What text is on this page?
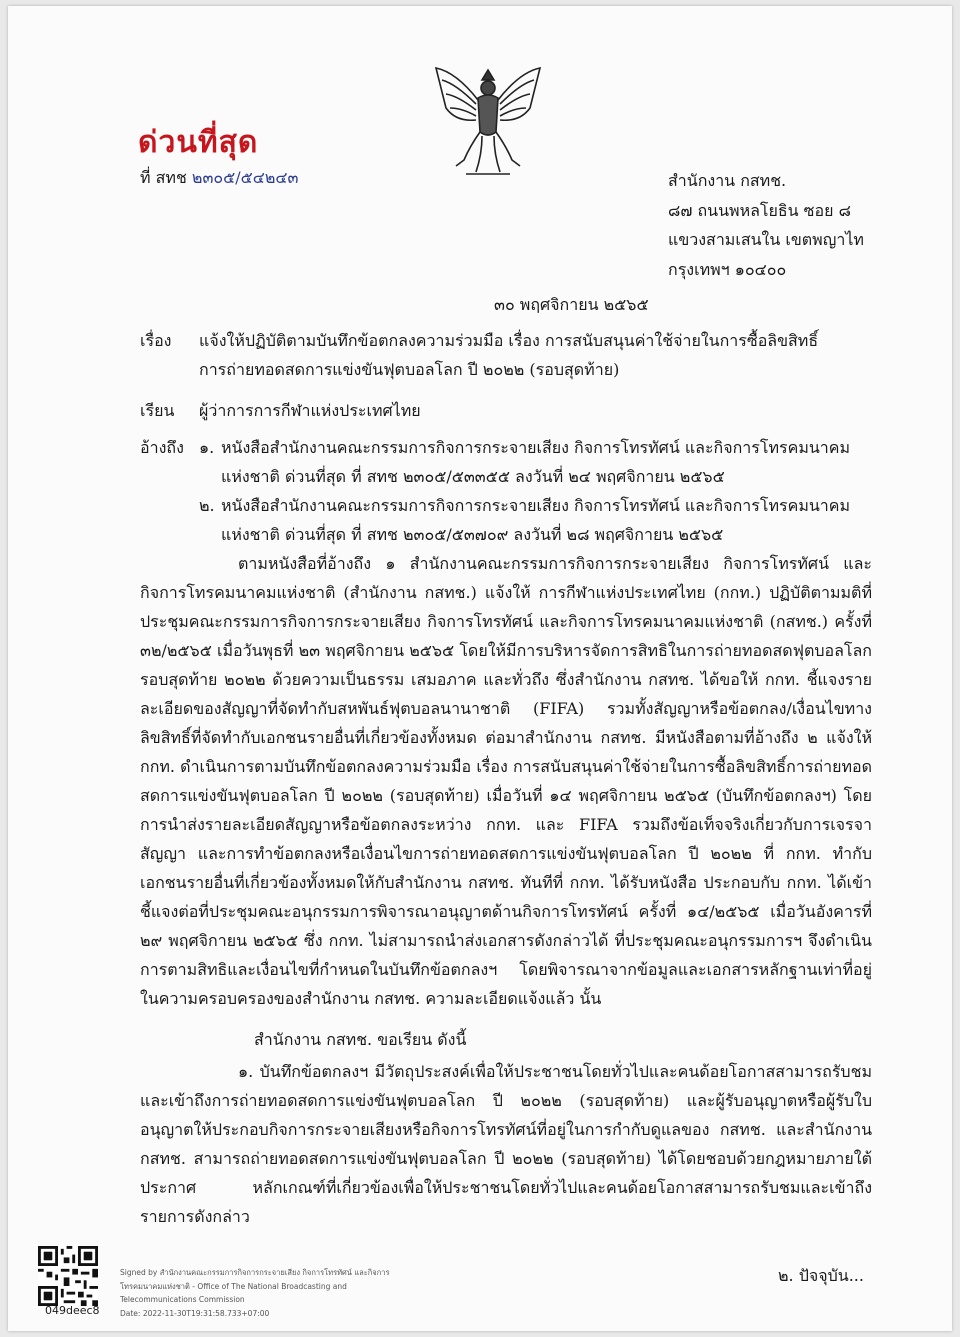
ด่วนที่สุด
ที่ สทช ๒๓๐๕/๕๔๒๔๓	สำนักงาน กสทช.
๘๗ ถนนพหลโยธิน ซอย ๘
แขวงสามเสนใน เขตพญาไท
กรุงเทพฯ ๑๐๔๐๐
๓๐ พฤศจิกายน ๒๕๖๕
เรื่อง	แจ้งให้ปฏิบัติตามบันทึกข้อตกลงความร่วมมือ เรื่อง การสนับสนุนค่าใช้จ่ายในการซื้อลิขสิทธิ์
การถ่ายทอดสดการแข่งขันฟุตบอลโลก ปี ๒๐๒๒ (รอบสุดท้าย)
เรียน	ผู้ว่าการการกีฬาแห่งประเทศไทย
อ้างถึง ๑. หนังสือสำนักงานคณะกรรมการกิจการกระจายเสียง กิจการโทรทัศน์ และกิจการโทรคมนาคม
แห่งชาติ ด่วนที่สุด ที่ สทช ๒๓๐๕/๕๓๓๕๕ ลงวันที่ ๒๔ พฤศจิกายน ๒๕๖๕
๒. หนังสือสำนักงานคณะกรรมการกิจการกระจายเสียง กิจการโทรทัศน์ และกิจการโทรคมนาคม
แห่งชาติ ด่วนที่สุด ที่ สทช ๒๓๐๕/๕๓๗๐๙ ลงวันที่ ๒๘ พฤศจิกายน ๒๕๖๕
ตามหนังสือที่อ้างถึง ๑ สำนักงานคณะกรรมการกิจการกระจายเสียง กิจการโทรทัศน์ และกิจการโทรคมนาคมแห่งชาติ (สำนักงาน กสทช.) แจ้งให้ การกีฬาแห่งประเทศไทย (กกท.) ปฏิบัติตามมติที่ประชุมคณะกรรมการกิจการกระจายเสียง กิจการโทรทัศน์ และกิจการโทรคมนาคมแห่งชาติ (กสทช.) ครั้งที่ ๓๒/๒๕๖๕ เมื่อวันพุธที่ ๒๓ พฤศจิกายน ๒๕๖๕ โดยให้มีการบริหารจัดการสิทธิในการถ่ายทอดสดฟุตบอลโลกรอบสุดท้าย ๒๐๒๒ ด้วยความเป็นธรรม เสมอภาค และทั่วถึง ซึ่งสำนักงาน กสทช. ได้ขอให้ กกท. ชี้แจงรายละเอียดของสัญญาที่จัดทำกับสหพันธ์ฟุตบอลนานาชาติ (FIFA) รวมทั้งสัญญาหรือข้อตกลง/เงื่อนไขทางลิขสิทธิ์ที่จัดทำกับเอกชนรายอื่นที่เกี่ยวข้องทั้งหมด ต่อมาสำนักงาน กสทช. มีหนังสือตามที่อ้างถึง ๒ แจ้งให้ กกท. ดำเนินการตามบันทึกข้อตกลงความร่วมมือ เรื่อง การสนับสนุนค่าใช้จ่ายในการซื้อลิขสิทธิ์การถ่ายทอดสดการแข่งขันฟุตบอลโลก ปี ๒๐๒๒ (รอบสุดท้าย) เมื่อวันที่ ๑๔ พฤศจิกายน ๒๕๖๕ (บันทึกข้อตกลงฯ) โดยการนำส่งรายละเอียดสัญญาหรือข้อตกลงระหว่าง กกท. และ FIFA รวมถึงข้อเท็จจริงเกี่ยวกับการเจรจาสัญญา และการทำข้อตกลงหรือเงื่อนไขการถ่ายทอดสดการแข่งขันฟุตบอลโลก ปี ๒๐๒๒ ที่ กกท. ทำกับเอกชนรายอื่นที่เกี่ยวข้องทั้งหมดให้กับสำนักงาน กสทช. ทันทีที่ กกท. ได้รับหนังสือ ประกอบกับ กกท. ได้เข้าชี้แจงต่อที่ประชุมคณะอนุกรรมการพิจารณาอนุญาตด้านกิจการโทรทัศน์ ครั้งที่ ๑๔/๒๕๖๕ เมื่อวันอังคารที่ ๒๙ พฤศจิกายน ๒๕๖๕ ซึ่ง กกท. ไม่สามารถนำส่งเอกสารดังกล่าวได้ ที่ประชุมคณะอนุกรรมการฯ จึงดำเนินการตามสิทธิและเงื่อนไขที่กำหนดในบันทึกข้อตกลงฯ โดยพิจารณาจากข้อมูลและเอกสารหลักฐานเท่าที่อยู่ในความครอบครองของสำนักงาน กสทช. ความละเอียดแจ้งแล้ว นั้น
สำนักงาน กสทช. ขอเรียน ดังนี้
๑. บันทึกข้อตกลงฯ มีวัตถุประสงค์เพื่อให้ประชาชนโดยทั่วไปและคนด้อยโอกาสสามารถรับชมและเข้าถึงการถ่ายทอดสดการแข่งขันฟุตบอลโลก ปี ๒๐๒๒ (รอบสุดท้าย) และผู้รับอนุญาตหรือผู้รับใบอนุญาตให้ประกอบกิจการกระจายเสียงหรือกิจการโทรทัศน์ที่อยู่ในการกำกับดูแลของ กสทช. และสำนักงาน กสทช. สามารถถ่ายทอดสดการแข่งขันฟุตบอลโลก ปี ๒๐๒๒ (รอบสุดท้าย) ได้โดยชอบด้วยกฎหมายภายใต้ประกาศ หลักเกณฑ์ที่เกี่ยวข้องเพื่อให้ประชาชนโดยทั่วไปและคนด้อยโอกาสสามารถรับชมและเข้าถึงรายการดังกล่าว
049deec8
Signed by สำนักงานคณะกรรมการกิจการกระจายเสียง กิจการโทรทัศน์ และกิจการโทรคมนาคมแห่งชาติ - Office of The National Broadcasting and Telecommunications Commission
Date: 2022-11-30T19:31:58.733+07:00
๒. ปัจจุบัน...
